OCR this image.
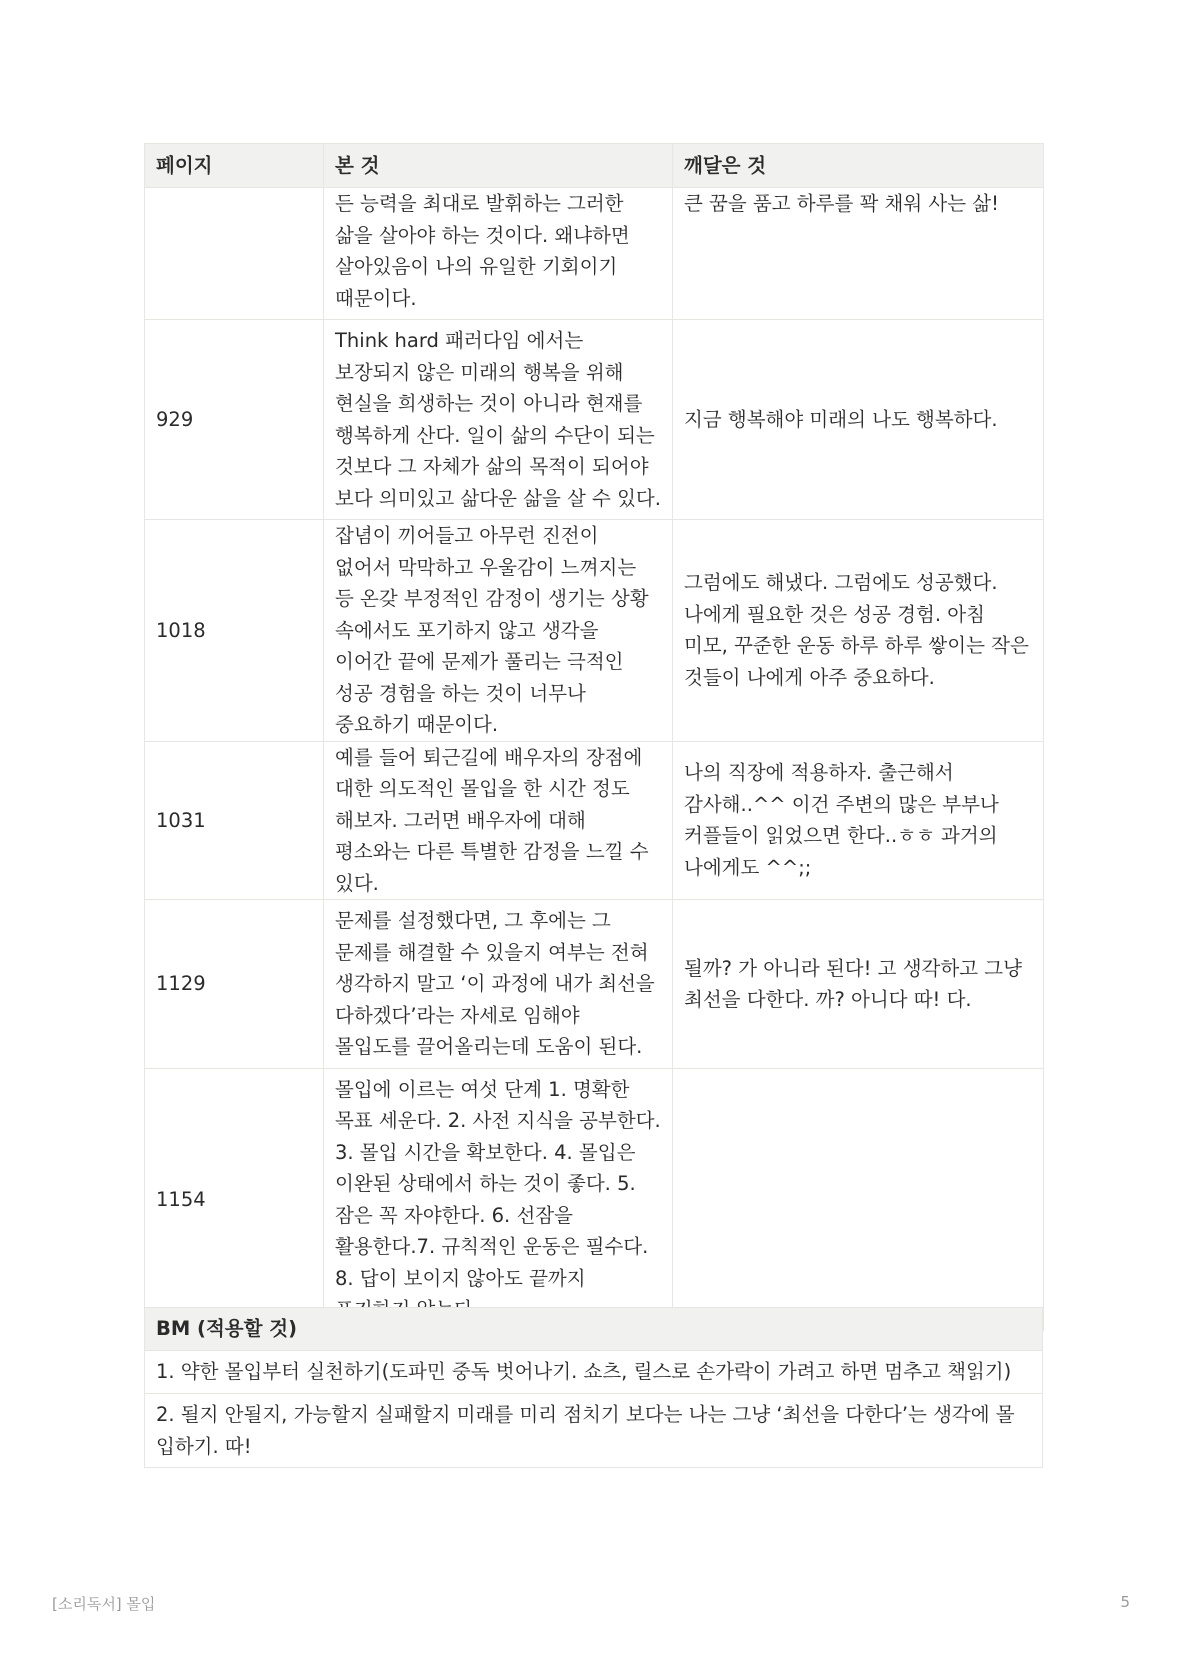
페이지	본 것	깨달은 것
	든 능력을 최대로 발휘하는 그러한 삶을 살아야 하는 것이다. 왜냐하면 살아있음이 나의 유일한 기회이기 때문이다.	큰 꿈을 품고 하루를 꽉 채워 사는 삶!
929	Think hard 패러다임 에서는 보장되지 않은 미래의 행복을 위해 현실을 희생하는 것이 아니라 현재를 행복하게 산다. 일이 삶의 수단이 되는 것보다 그 자체가 삶의 목적이 되어야 보다 의미있고 삶다운 삶을 살 수 있다.	지금 행복해야 미래의 나도 행복하다.
1018	잡념이 끼어들고 아무런 진전이 없어서 막막하고 우울감이 느껴지는 등 온갖 부정적인 감정이 생기는 상황 속에서도 포기하지 않고 생각을 이어간 끝에 문제가 풀리는 극적인 성공 경험을 하는 것이 너무나 중요하기 때문이다.	그럼에도 해냈다. 그럼에도 성공했다. 나에게 필요한 것은 성공 경험. 아침 미모, 꾸준한 운동 하루 하루 쌓이는 작은 것들이 나에게 아주 중요하다.
1031	예를 들어 퇴근길에 배우자의 장점에 대한 의도적인 몰입을 한 시간 정도 해보자. 그러면 배우자에 대해 평소와는 다른 특별한 감정을 느낄 수 있다.	나의 직장에 적용하자. 출근해서 감사해..^^ 이건 주변의 많은 부부나 커플들이 읽었으면 한다..ㅎㅎ 과거의 나에게도 ^^;;
1129	문제를 설정했다면, 그 후에는 그 문제를 해결할 수 있을지 여부는 전혀 생각하지 말고 ‘이 과정에 내가 최선을 다하겠다’라는 자세로 임해야 몰입도를 끌어올리는데 도움이 된다.	될까? 가 아니라 된다! 고 생각하고 그냥 최선을 다한다. 까? 아니다 따! 다.
1154	몰입에 이르는 여섯 단계 1. 명확한 목표 세운다. 2. 사전 지식을 공부한다. 3. 몰입 시간을 확보한다. 4. 몰입은 이완된 상태에서 하는 것이 좋다. 5. 잠은 꼭 자야한다. 6. 선잠을 활용한다.7. 규칙적인 운동은 필수다. 8. 답이 보이지 않아도 끝까지	
BM (적용할 것)
1. 약한 몰입부터 실천하기(도파민 중독 벗어나기. 쇼츠, 릴스로 손가락이 가려고 하면 멈추고 책읽기)
2. 될지 안될지, 가능할지 실패할지 미래를 미리 점치기 보다는 나는 그냥 ‘최선을 다한다’는 생각에 몰입하기. 따!
[소리독서] 몰입	5
